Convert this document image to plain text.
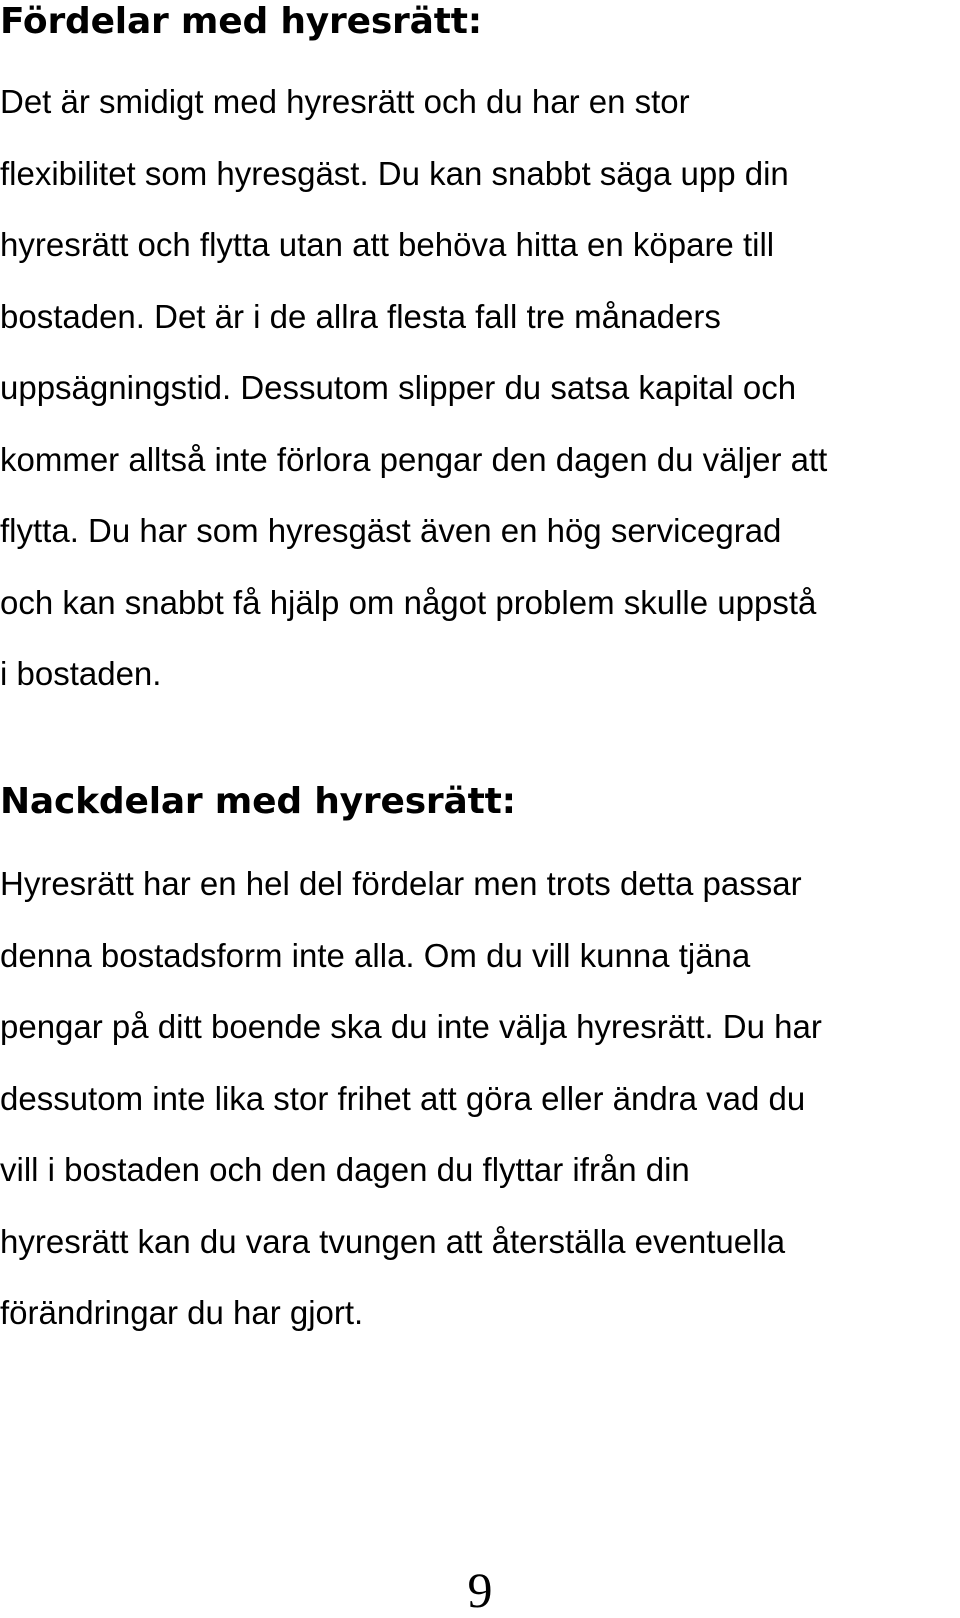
Fördelar med hyresrätt:
Det är smidigt med hyresrätt och du har en stor
flexibilitet som hyresgäst. Du kan snabbt säga upp din
hyresrätt och flytta utan att behöva hitta en köpare till
bostaden. Det är i de allra flesta fall tre månaders
uppsägningstid. Dessutom slipper du satsa kapital och
kommer alltså inte förlora pengar den dagen du väljer att
flytta. Du har som hyresgäst även en hög servicegrad
och kan snabbt få hjälp om något problem skulle uppstå
i bostaden.
Nackdelar med hyresrätt:
Hyresrätt har en hel del fördelar men trots detta passar
denna bostadsform inte alla. Om du vill kunna tjäna
pengar på ditt boende ska du inte välja hyresrätt. Du har
dessutom inte lika stor frihet att göra eller ändra vad du
vill i bostaden och den dagen du flyttar ifrån din
hyresrätt kan du vara tvungen att återställa eventuella
förändringar du har gjort.
9
